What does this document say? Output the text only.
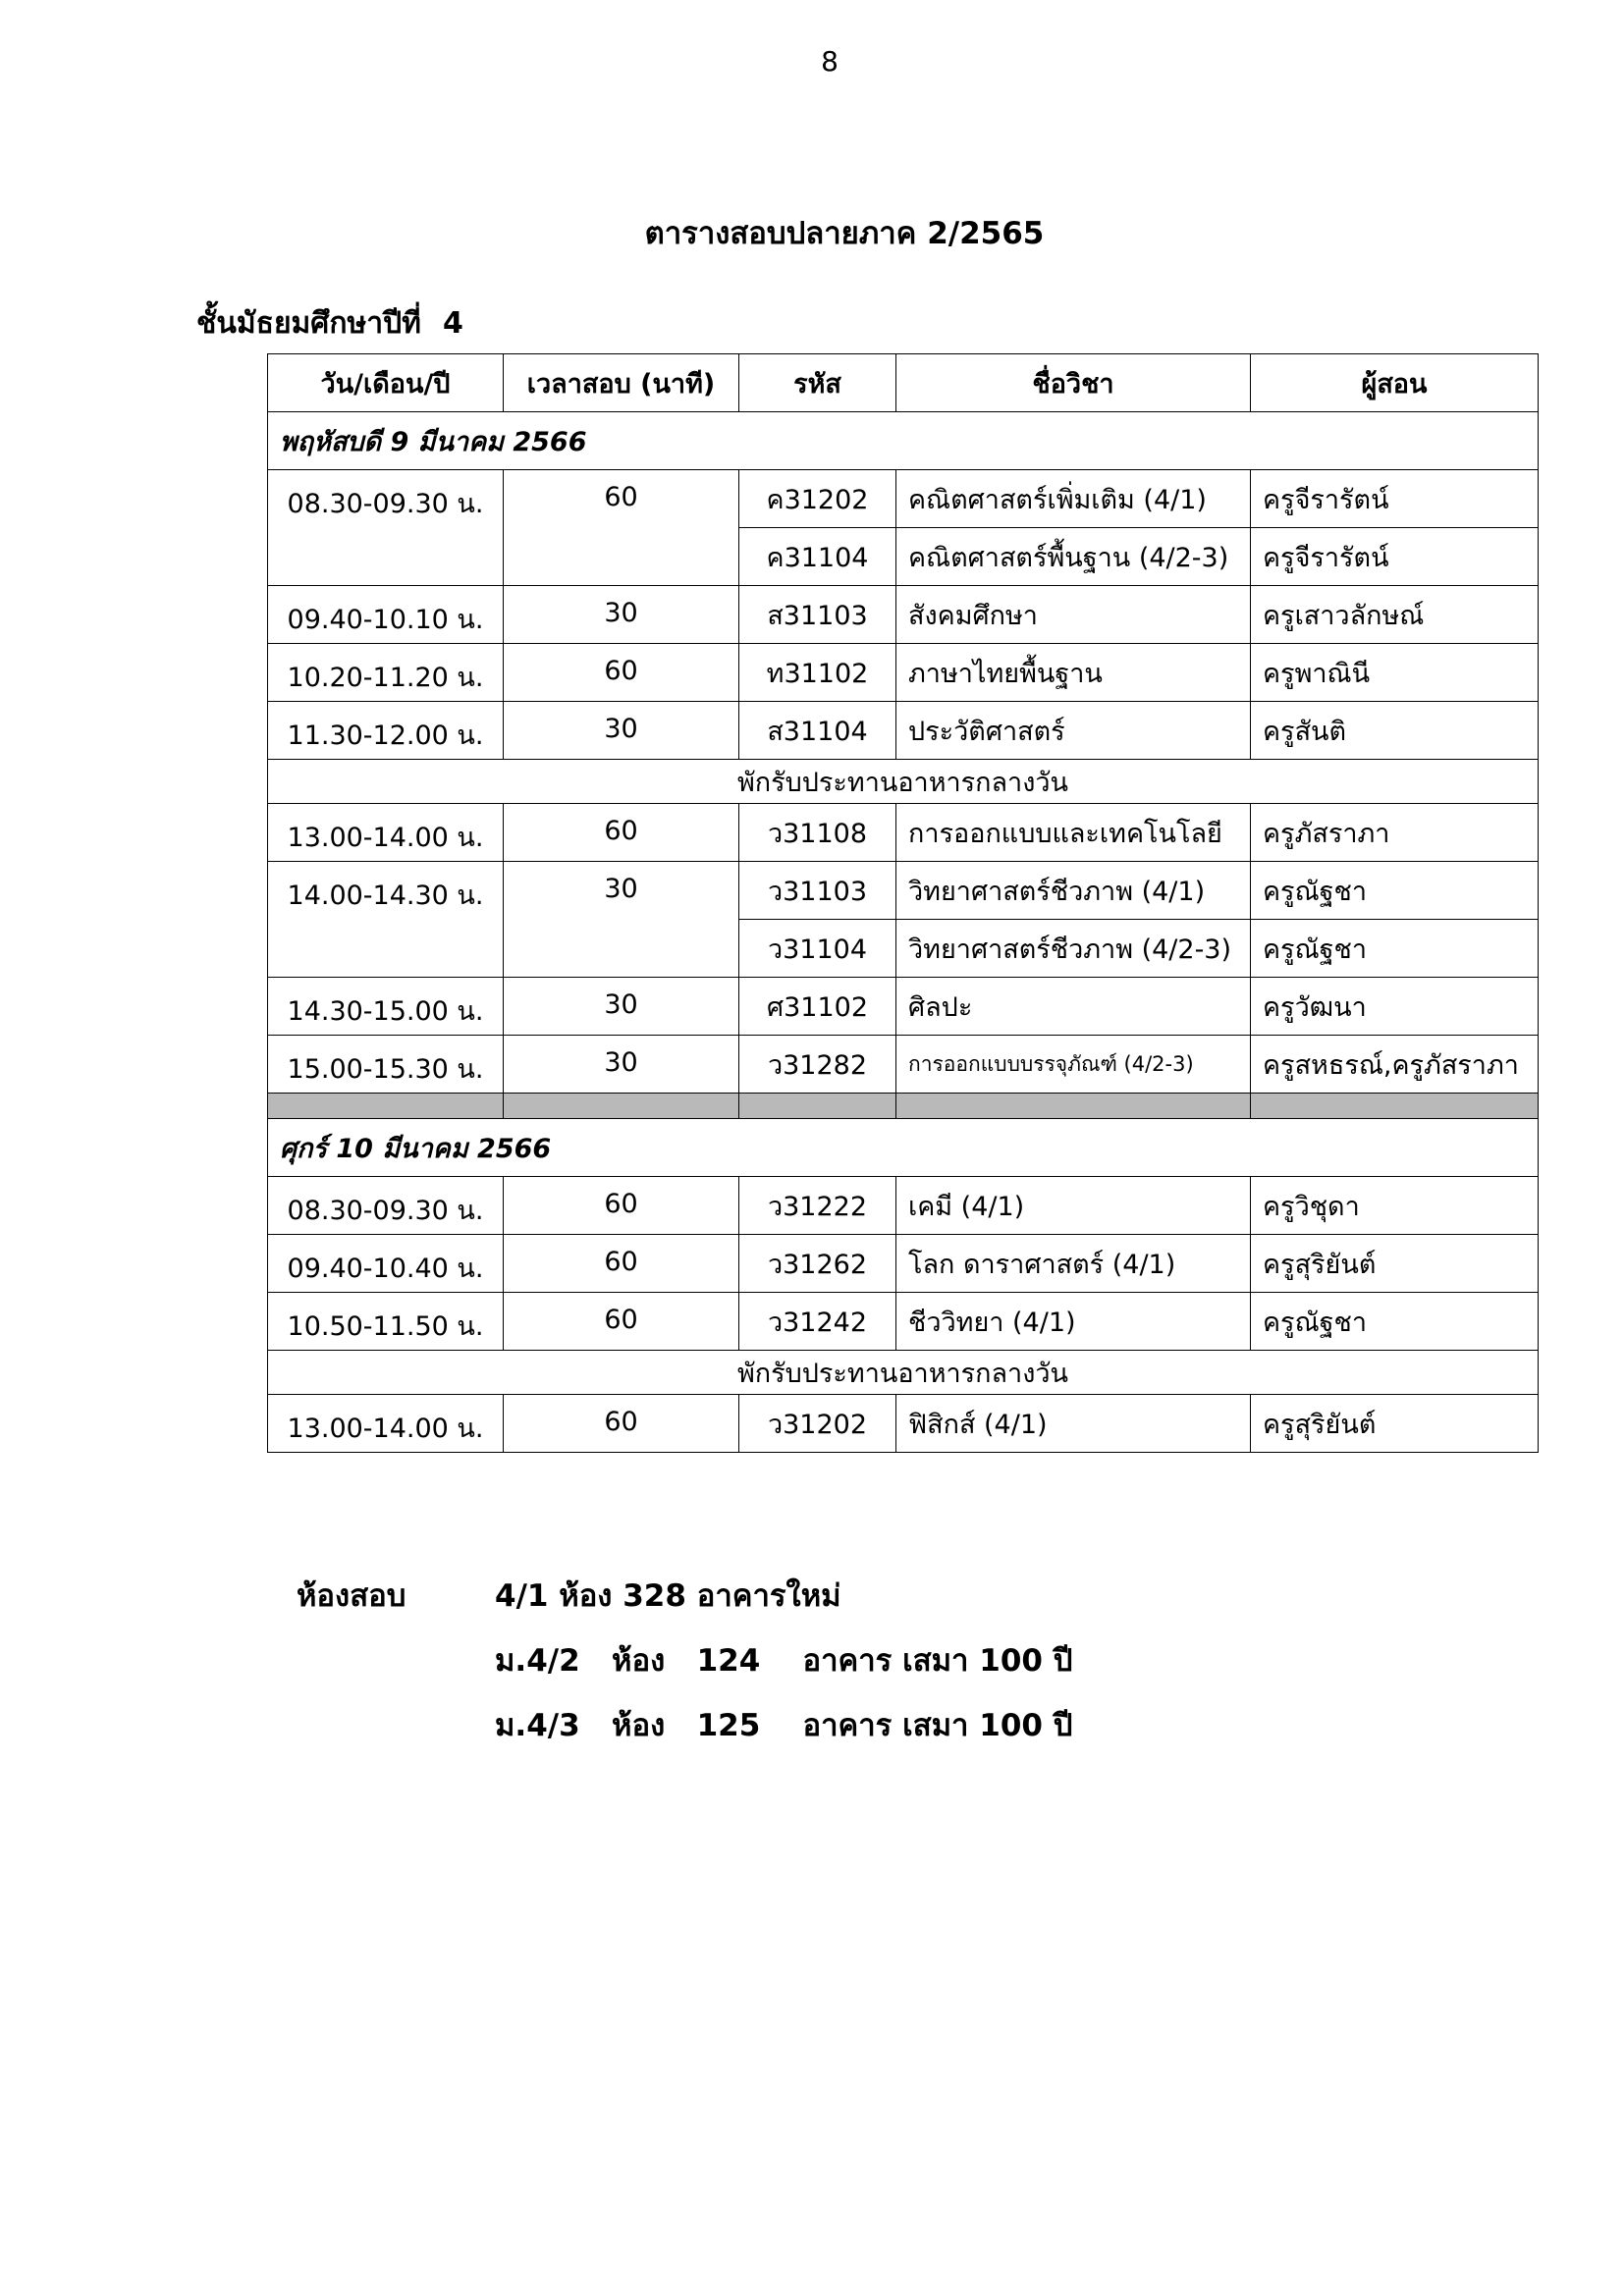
8
ตารางสอบปลายภาค 2/2565
ชั้นมัธยมศึกษาปีที่ 4
วัน/เดือน/ปี	เวลาสอบ (นาที)	รหัส	ชื่อวิชา	ผู้สอน
พฤหัสบดี 9 มีนาคม 2566				
08.30-09.30 น.	60	ค31202	คณิตศาสตร์เพิ่มเติม (4/1)	ครูจีรารัตน์
		ค31104	คณิตศาสตร์พื้นฐาน (4/2-3)	ครูจีรารัตน์
09.40-10.10 น.	30	ส31103	สังคมศึกษา	ครูเสาวลักษณ์
10.20-11.20 น.	60	ท31102	ภาษาไทยพื้นฐาน	ครูพาณินี
11.30-12.00 น.	30	ส31104	ประวัติศาสตร์	ครูสันติ
พักรับประทานอาหารกลางวัน				
13.00-14.00 น.	60	ว31108	การออกแบบและเทคโนโลยี	ครูภัสราภา
14.00-14.30 น.	30	ว31103	วิทยาศาสตร์ชีวภาพ (4/1)	ครูณัฐชา
		ว31104	วิทยาศาสตร์ชีวภาพ (4/2-3)	ครูณัฐชา
14.30-15.00 น.	30	ศ31102	ศิลปะ	ครูวัฒนา
15.00-15.30 น.	30	ว31282	การออกแบบบรรจุภัณฑ์ (4/2-3)	ครูสหธรณ์,ครูภัสราภา

ศุกร์ 10 มีนาคม 2566				
08.30-09.30 น.	60	ว31222	เคมี (4/1)	ครูวิชุดา
09.40-10.40 น.	60	ว31262	โลก ดาราศาสตร์ (4/1)	ครูสุริยันต์
10.50-11.50 น.	60	ว31242	ชีววิทยา (4/1)	ครูณัฐชา
พักรับประทานอาหารกลางวัน				
13.00-14.00 น.	60	ว31202	ฟิสิกส์ (4/1)	ครูสุริยันต์
ห้องสอบ	4/1 ห้อง 328 อาคารใหม่
ม.4/2   ห้อง   124    อาคาร เสมา 100 ปี
ม.4/3   ห้อง   125    อาคาร เสมา 100 ปี
